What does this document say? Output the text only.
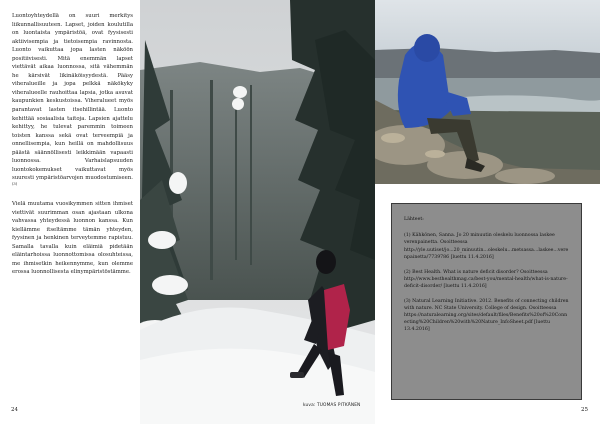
Luontoyhteydellä on suuri merkitys liikunnallisuuteen. Lapset, joiden koulutilla on luontaista ympäristöä, ovat fyysisesti aktiivisempia ja tietoisempia ravinnosta. Luonto vaikuttaa jopa lasten näköön positiivisesti. Mitä enemmän lapset viettävät aikaa luonnossa, sitä vähemmän he kärsivät likinäköisyydestä. Pääsy viheralueille ja jopa pelkkä näkökyky viheralueelle rauhoittaa lapsia, jotka asuvat kaupunkien keskustoissa. Viheralueet myös parantavat lasten itsehillintää. Luonto kehittää sosiaalisia taitoja. Lapsien ajattelu kehittyy, he tulevat paremmin toimeen toisten kanssa sekä ovat terveempiä ja onnellisempia, kun heillä on mahdollisuus päästä säännöllisesti leikkimään vapaasti luonnossa. Varhaislapsuuden luontokokemukset vaikuttavat myös suuresti ympäristöarvojen muodostumiseen. $^{(3)}$

Vielä muutama vuosikymmen sitten ihmiset viettivät suurimman osan ajastaan ulkona vahvassa yhteydessä luonnon kanssa. Kun kiellämme itseltämme tämän yhteyden, fyysinen ja henkinen terveytemme rapistuu. Samalla tavalla kuin eläimiä pidetään eläintarhoissa luonnottomissa olosuhteissa, me ihmisetkin heikennymme, kun olemme erossa luonnollisesta elinympäristöstämme.

24
kuva: TUOMAS PITKÄNEN
Lähteet:
(1) Kähkönen, Sanna. Jo 20 minuutin oleskelu luonnossa laskee verenpainetta. Osoitteessa http://yle.uutiset/jo...20_minuutin...oleskelu...metsassa...laskee...verenpainetta/7739786 [luettu 11.4.2016]
(2) Best Health. What is nature deficit disorder? Osoitteessa http://www.besthealthmag.ca/best-you/mental-health/what-is-nature-deficit-disorder/ [luettu 11.4.2016]
(3) Natural Learning Initiative. 2012. Benefits of connecting children with nature. NC State University. College of design. Osoitteessa https://naturalearning.org/sites/default/files/Benefits%20of%20Connecting%20Children%20with%20Nature_InfoSheet.pdf [luettu 13.4.2016]
25
